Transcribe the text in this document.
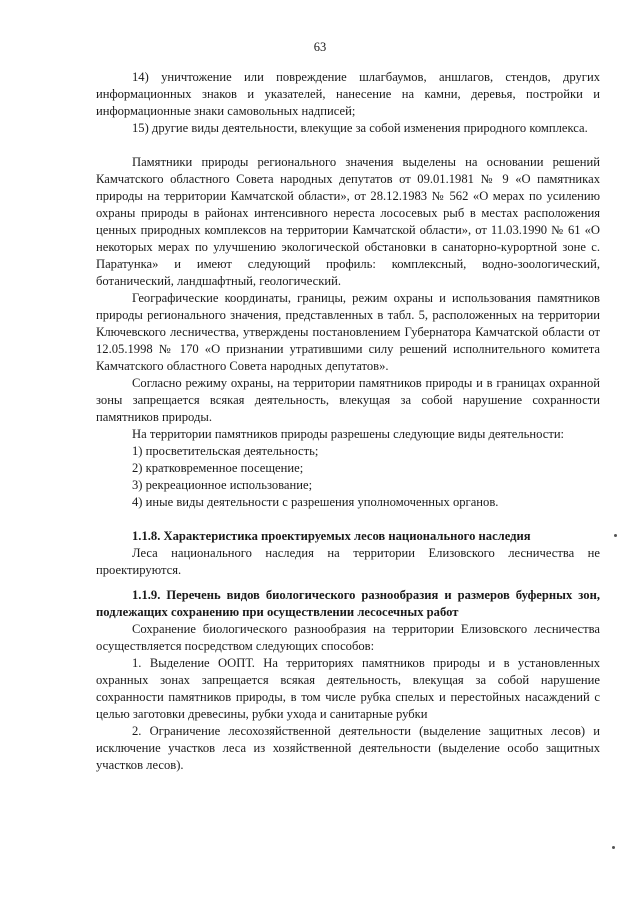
63

14) уничтожение или повреждение шлагбаумов, аншлагов, стендов, других информационных знаков и указателей, нанесение на камни, деревья, постройки и информационные знаки самовольных надписей;

15) другие виды деятельности, влекущие за собой изменения природного комплекса.

Памятники природы регионального значения выделены на основании решений Камчатского областного Совета народных депутатов от 09.01.1981 № 9 «О памятниках природы на территории Камчатской области», от 28.12.1983 № 562 «О мерах по усилению охраны природы в районах интенсивного нереста лососевых рыб в местах расположения ценных природных комплексов на территории Камчатской области», от 11.03.1990 № 61 «О некоторых мерах по улучшению экологической обстановки в санаторно-курортной зоне с. Паратунка» и имеют следующий профиль: комплексный, водно-зоологический, ботанический, ландшафтный, геологический.

Географические координаты, границы, режим охраны и использования памятников природы регионального значения, представленных в табл. 5, расположенных на территории Ключевского лесничества, утверждены постановлением Губернатора Камчатской области от 12.05.1998 № 170 «О признании утратившими силу решений исполнительного комитета Камчатского областного Совета народных депутатов».

Согласно режиму охраны, на территории памятников природы и в границах охранной зоны запрещается всякая деятельность, влекущая за собой нарушение сохранности памятников природы.

На территории памятников природы разрешены следующие виды деятельности:

1) просветительская деятельность;

2) кратковременное посещение;

3) рекреационное использование;

4) иные виды деятельности с разрешения уполномоченных органов.

1.1.8. Характеристика проектируемых лесов национального наследия

Леса национального наследия на территории Елизовского лесничества не проектируются.

1.1.9. Перечень видов биологического разнообразия и размеров буферных зон, подлежащих сохранению при осуществлении лесосечных работ

Сохранение биологического разнообразия на территории Елизовского лесничества осуществляется посредством следующих способов:

1. Выделение ООПТ. На территориях памятников природы и в установленных охранных зонах запрещается всякая деятельность, влекущая за собой нарушение сохранности памятников природы, в том числе рубка спелых и перестойных насаждений с целью заготовки древесины, рубки ухода и санитарные рубки

2. Ограничение лесохозяйственной деятельности (выделение защитных лесов) и исключение участков леса из хозяйственной деятельности (выделение особо защитных участков лесов).
